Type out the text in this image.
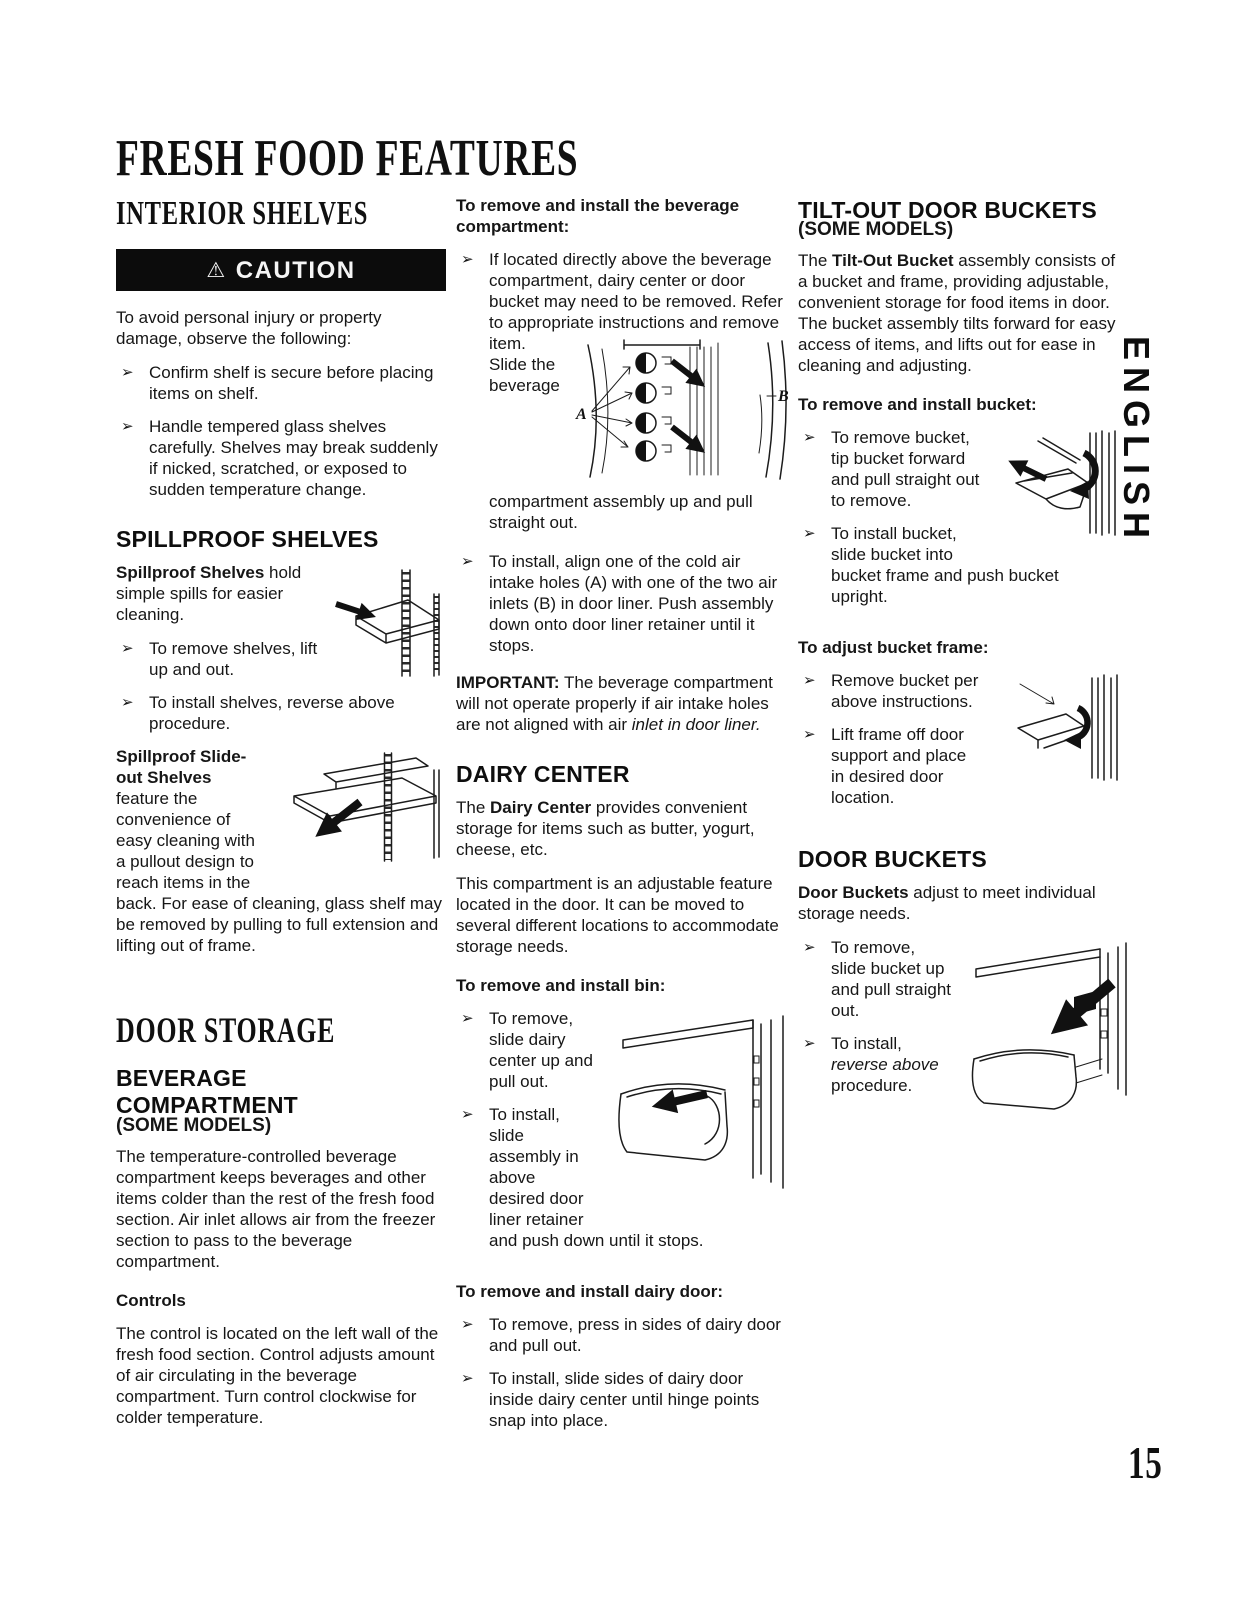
FRESH FOOD FEATURES
ENGLISH
15
INTERIOR SHELVES
⚠ CAUTION

To avoid personal injury or property damage, observe the following:

➢ Confirm shelf is secure before placing items on shelf.
➢ Handle tempered glass shelves carefully. Shelves may break suddenly if nicked, scratched, or exposed to sudden temperature change.
SPILLPROOF SHELVES

Spillproof Shelves hold simple spills for easier cleaning.

➢ To remove shelves, lift up and out.
➢ To install shelves, reverse above procedure.

Spillproof Slide-out Shelves feature the convenience of easy cleaning with a pullout design to reach items in the back. For ease of cleaning, glass shelf may be removed by pulling to full extension and lifting out of frame.

DOOR STORAGE
BEVERAGE COMPARTMENT
(SOME MODELS)

The temperature-controlled beverage compartment keeps beverages and other items colder than the rest of the fresh food section. Air inlet allows air from the freezer section to pass to the beverage compartment.

Controls

The control is located on the left wall of the fresh food section. Control adjusts amount of air circulating in the beverage compartment. Turn control clockwise for colder temperature.

To remove and install the beverage compartment:
➢ If located directly above the beverage compartment, dairy center or door bucket may need to be removed. Refer to appropriate instructions and remove item.
A
B
Slide the beverage compartment assembly up and pull straight out.
➢ To install, align one of the cold air intake holes (A) with one of the two air inlets (B) in door liner. Push assembly down onto door liner retainer until it stops.

IMPORTANT: The beverage compartment will not operate properly if air intake holes are not aligned with air inlet in door liner.

DAIRY CENTER

The Dairy Center provides convenient storage for items such as butter, yogurt, cheese, etc.

This compartment is an adjustable feature located in the door. It can be moved to several different locations to accommodate storage needs.

To remove and install bin:
➢ To remove, slide dairy center up and pull out.
➢ To install, slide assembly in above desired door liner retainer and push down until it stops.
To remove and install dairy door:
➢ To remove, press in sides of dairy door and pull out.
➢ To install, slide sides of dairy door inside dairy center until hinge points snap into place.
TILT-OUT DOOR BUCKETS
(SOME MODELS)

The Tilt-Out Bucket assembly consists of a bucket and frame, providing adjustable, convenient storage for food items in door. The bucket assembly tilts forward for easy access of items, and lifts out for ease in cleaning and adjusting.

To remove and install bucket:
➢ To remove bucket, tip bucket forward and pull straight out to remove.
➢ To install bucket, slide bucket into bucket frame and push bucket upright.
To adjust bucket frame:
➢ Remove bucket per above instructions.
➢ Lift frame off door support and place in desired door location.
DOOR BUCKETS

Door Buckets adjust to meet individual storage needs.

➢ To remove, slide bucket up and pull straight out.
➢ To install,
reverse above
procedure.
